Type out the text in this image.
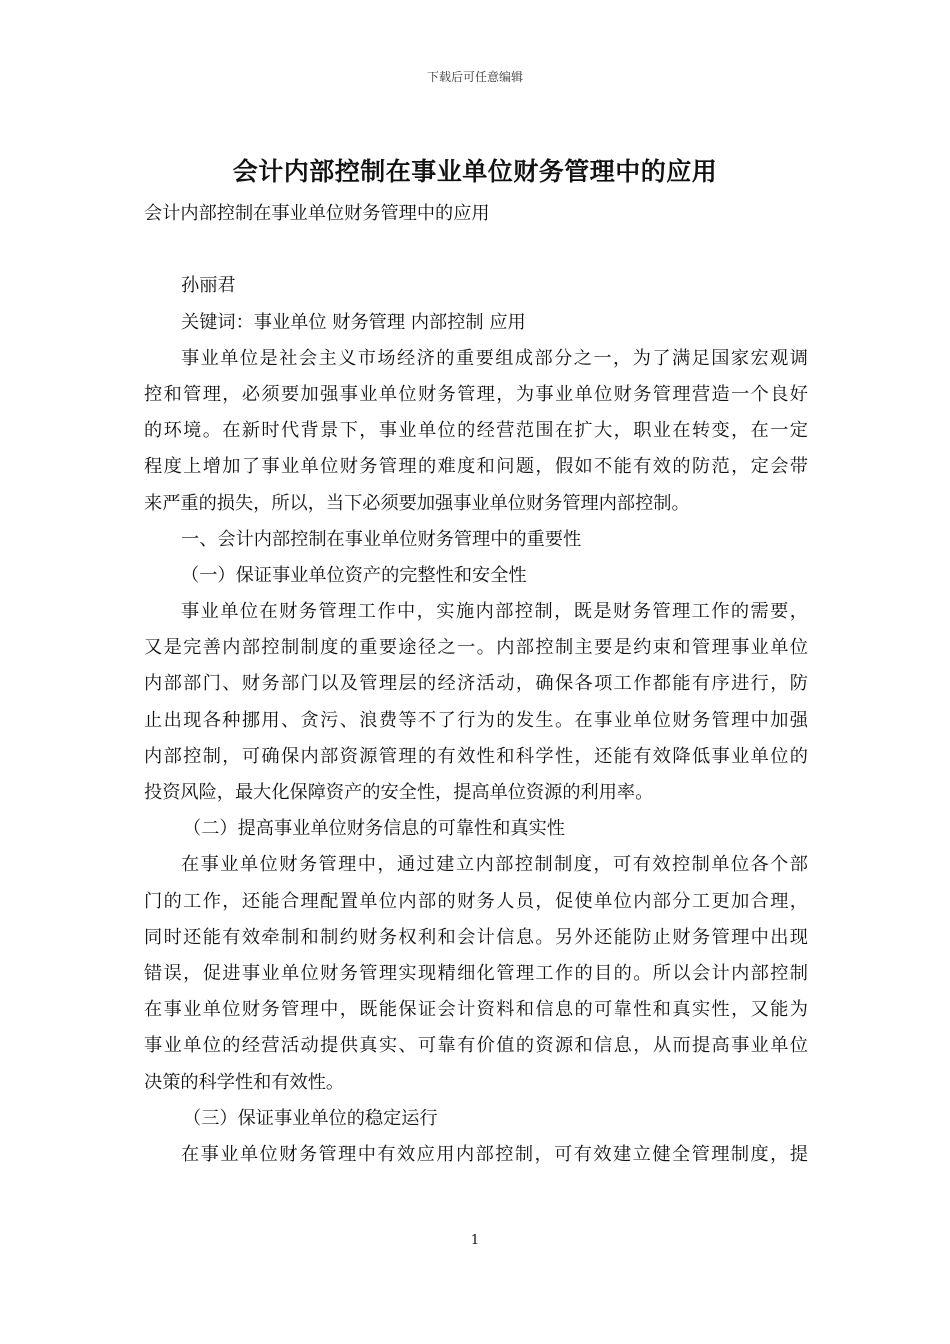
下载后可任意编辑
会计内部控制在事业单位财务管理中的应用
会计内部控制在事业单位财务管理中的应用
孙丽君
关键词：事业单位 财务管理 内部控制 应用
事业单位是社会主义市场经济的重要组成部分之一，为了满足国家宏观调
控和管理，必须要加强事业单位财务管理，为事业单位财务管理营造一个良好
的环境。在新时代背景下，事业单位的经营范围在扩大，职业在转变，在一定
程度上增加了事业单位财务管理的难度和问题，假如不能有效的防范，定会带
来严重的损失，所以，当下必须要加强事业单位财务管理内部控制。
一、会计内部控制在事业单位财务管理中的重要性
（一）保证事业单位资产的完整性和安全性
事业单位在财务管理工作中，实施内部控制，既是财务管理工作的需要，
又是完善内部控制制度的重要途径之一。内部控制主要是约束和管理事业单位
内部部门、财务部门以及管理层的经济活动，确保各项工作都能有序进行，防
止出现各种挪用、贪污、浪费等不了行为的发生。在事业单位财务管理中加强
内部控制，可确保内部资源管理的有效性和科学性，还能有效降低事业单位的
投资风险，最大化保障资产的安全性，提高单位资源的利用率。
（二）提高事业单位财务信息的可靠性和真实性
在事业单位财务管理中，通过建立内部控制制度，可有效控制单位各个部
门的工作，还能合理配置单位内部的财务人员，促使单位内部分工更加合理，
同时还能有效牵制和制约财务权利和会计信息。另外还能防止财务管理中出现
错误，促进事业单位财务管理实现精细化管理工作的目的。所以会计内部控制
在事业单位财务管理中，既能保证会计资料和信息的可靠性和真实性，又能为
事业单位的经营活动提供真实、可靠有价值的资源和信息，从而提高事业单位
决策的科学性和有效性。
（三）保证事业单位的稳定运行
在事业单位财务管理中有效应用内部控制，可有效建立健全管理制度，提
1
